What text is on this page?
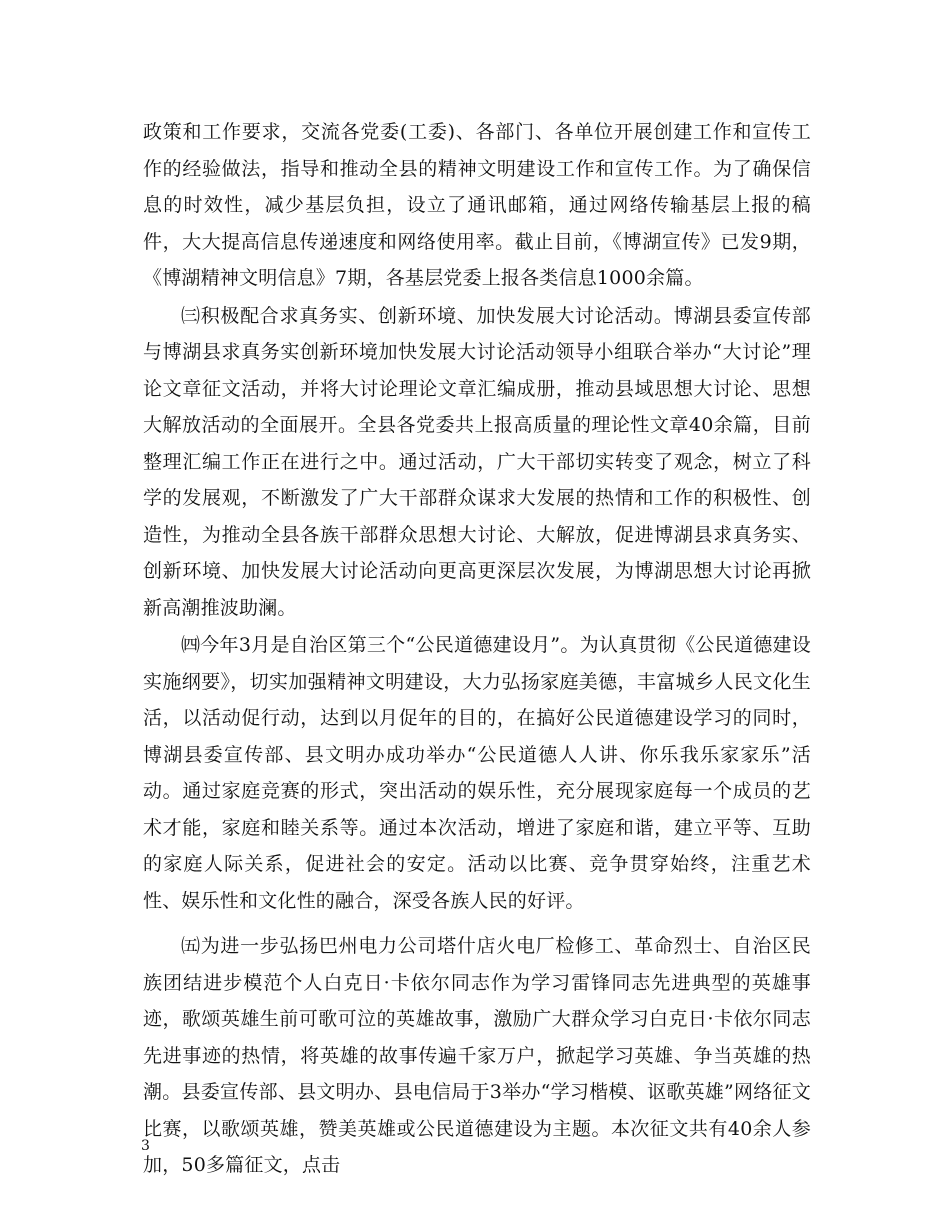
政策和工作要求，交流各党委(工委)、各部门、各单位开展创建工作和宣传工作的经验做法，指导和推动全县的精神文明建设工作和宣传工作。为了确保信息的时效性，减少基层负担，设立了通讯邮箱，通过网络传输基层上报的稿件，大大提高信息传递速度和网络使用率。截止目前，《博湖宣传》已发9期，《博湖精神文明信息》7期，各基层党委上报各类信息1000余篇。

㈢积极配合求真务实、创新环境、加快发展大讨论活动。博湖县委宣传部与博湖县求真务实创新环境加快发展大讨论活动领导小组联合举办“大讨论”理论文章征文活动，并将大讨论理论文章汇编成册，推动县域思想大讨论、思想大解放活动的全面展开。全县各党委共上报高质量的理论性文章40余篇，目前整理汇编工作正在进行之中。通过活动，广大干部切实转变了观念，树立了科学的发展观，不断激发了广大干部群众谋求大发展的热情和工作的积极性、创造性，为推动全县各族干部群众思想大讨论、大解放，促进博湖县求真务实、创新环境、加快发展大讨论活动向更高更深层次发展，为博湖思想大讨论再掀新高潮推波助澜。

㈣今年3月是自治区第三个“公民道德建设月”。为认真贯彻《公民道德建设实施纲要》，切实加强精神文明建设，大力弘扬家庭美德，丰富城乡人民文化生活，以活动促行动，达到以月促年的目的，在搞好公民道德建设学习的同时，博湖县委宣传部、县文明办成功举办“公民道德人人讲、你乐我乐家家乐”活动。通过家庭竞赛的形式，突出活动的娱乐性，充分展现家庭每一个成员的艺术才能，家庭和睦关系等。通过本次活动，增进了家庭和谐，建立平等、互助的家庭人际关系，促进社会的安定。活动以比赛、竞争贯穿始终，注重艺术性、娱乐性和文化性的融合，深受各族人民的好评。

㈤为进一步弘扬巴州电力公司塔什店火电厂检修工、革命烈士、自治区民族团结进步模范个人白克日·卡依尔同志作为学习雷锋同志先进典型的英雄事迹，歌颂英雄生前可歌可泣的英雄故事，激励广大群众学习白克日·卡依尔同志先进事迹的热情，将英雄的故事传遍千家万户，掀起学习英雄、争当英雄的热潮。县委宣传部、县文明办、县电信局于3举办“学习楷模、讴歌英雄”网络征文比赛，以歌颂英雄，赞美英雄或公民道德建设为主题。本次征文共有40余人参加，50多篇征文，点击

3
